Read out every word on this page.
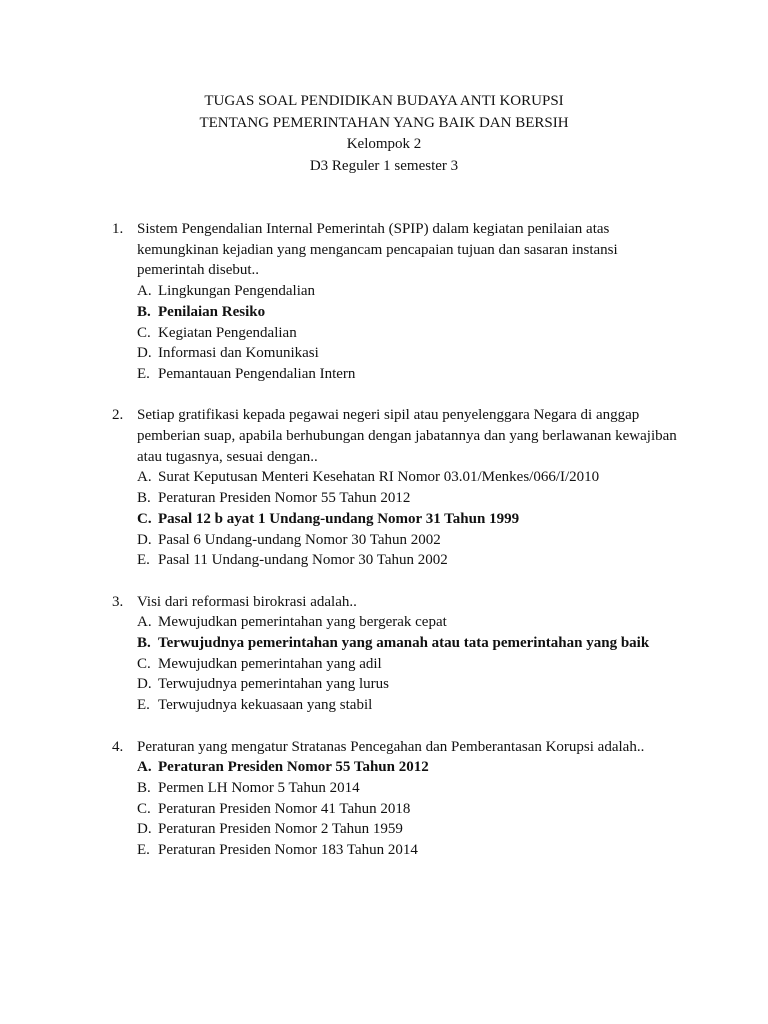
TUGAS SOAL PENDIDIKAN BUDAYA ANTI KORUPSI
TENTANG PEMERINTAHAN YANG BAIK DAN BERSIH
Kelompok 2
D3 Reguler 1 semester 3
1. Sistem Pengendalian Internal Pemerintah (SPIP) dalam kegiatan penilaian atas
kemungkinan kejadian yang mengancam pencapaian tujuan dan sasaran instansi
pemerintah disebut..
A. Lingkungan Pengendalian
B. Penilaian Resiko
C. Kegiatan Pengendalian
D. Informasi dan Komunikasi
E. Pemantauan Pengendalian Intern
2. Setiap gratifikasi kepada pegawai negeri sipil atau penyelenggara Negara di anggap
pemberian suap, apabila berhubungan dengan jabatannya dan yang berlawanan kewajiban
atau tugasnya, sesuai dengan..
A. Surat Keputusan Menteri Kesehatan RI Nomor 03.01/Menkes/066/I/2010
B. Peraturan Presiden Nomor 55 Tahun 2012
C. Pasal 12 b ayat 1 Undang-undang Nomor 31 Tahun 1999
D. Pasal 6 Undang-undang Nomor 30 Tahun 2002
E. Pasal 11 Undang-undang Nomor 30 Tahun 2002
3. Visi dari reformasi birokrasi adalah..
A. Mewujudkan pemerintahan yang bergerak cepat
B. Terwujudnya pemerintahan yang amanah atau tata pemerintahan yang baik
C. Mewujudkan pemerintahan yang adil
D. Terwujudnya pemerintahan yang lurus
E. Terwujudnya kekuasaan yang stabil
4. Peraturan yang mengatur Stratanas Pencegahan dan Pemberantasan Korupsi adalah..
A. Peraturan Presiden Nomor 55 Tahun 2012
B. Permen LH Nomor 5 Tahun 2014
C. Peraturan Presiden Nomor 41 Tahun 2018
D. Peraturan Presiden Nomor 2 Tahun 1959
E. Peraturan Presiden Nomor 183 Tahun 2014
